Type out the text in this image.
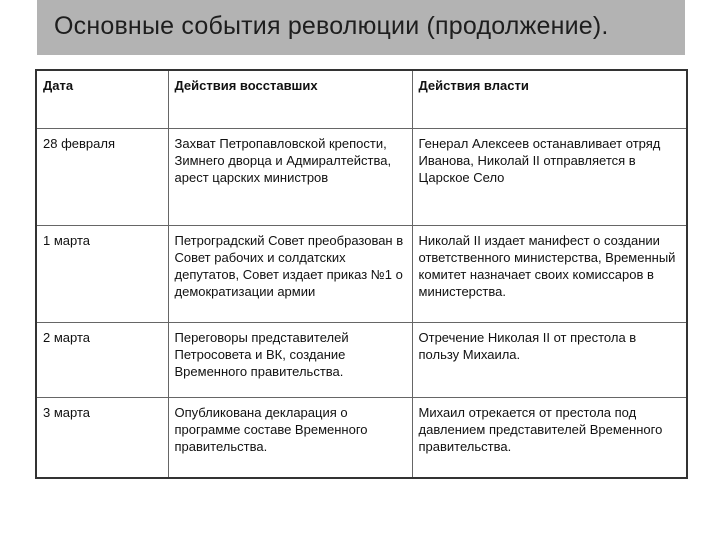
Основные события революции (продолжение).
Дата	Действия восставших	Действия власти
28 февраля	Захват Петропавловской крепости, Зимнего дворца и Адмиралтейства, арест царских министров	Генерал Алексеев останавливает отряд Иванова, Николай II отправляется в Царское Село
1 марта	Петроградский Совет преобразован в Совет рабочих и солдатских депутатов, Совет издает приказ №1 о демократизации армии	Николай II издает манифест о создании ответственного министерства, Временный комитет назначает своих комиссаров в министерства.
2 марта	Переговоры представителей Петросовета и ВК, создание Временного правительства.	Отречение Николая II от престола в пользу Михаила.
3 марта	Опубликована декларация о программе составе Временного правительства.	Михаил отрекается от престола под давлением представителей Временного правительства.
